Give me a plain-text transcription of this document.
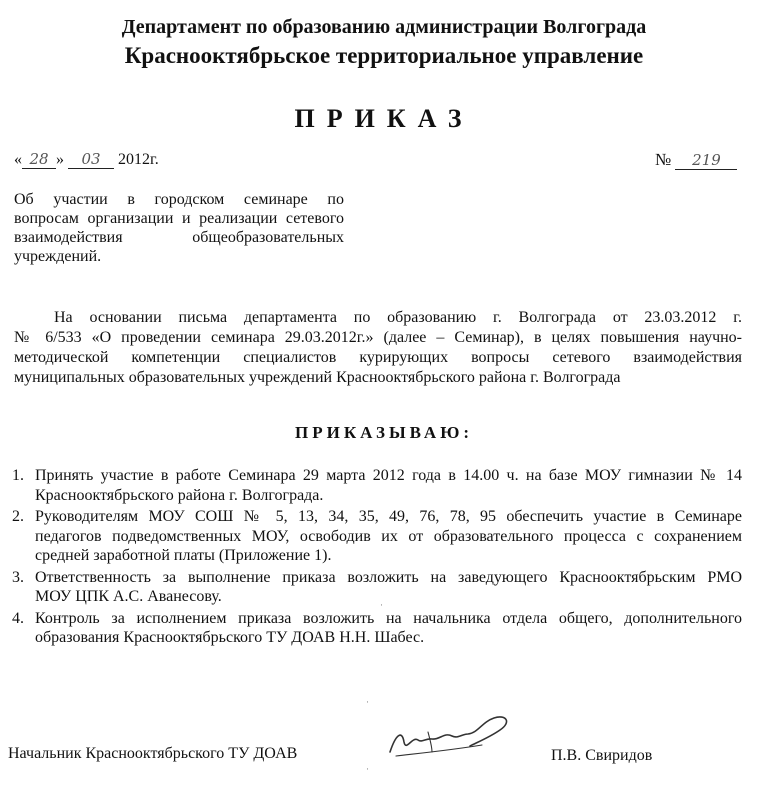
Департамент по образованию администрации Волгограда
Краснооктябрьское территориальное управление
ПРИКАЗ
« 28 » 03 2012г.	№ 219
Об участии в городском семинаре по
вопросам организации и реализации сетевого
взаимодействия общеобразовательных
учреждений.
На основании письма департамента по образованию г. Волгограда от 23.03.2012 г.
№ 6/533 «О проведении семинара 29.03.2012г.» (далее – Семинар), в целях повышения научно-
методической компетенции специалистов курирующих вопросы сетевого взаимодействия
муниципальных образовательных учреждений Краснооктябрьского района г. Волгограда
ПРИКАЗЫВАЮ:
1. Принять участие в работе Семинара 29 марта 2012 года в 14.00 ч. на базе МОУ гимназии № 14
Краснооктябрьского района г. Волгограда.
2. Руководителям МОУ СОШ № 5, 13, 34, 35, 49, 76, 78, 95 обеспечить участие в Семинаре
педагогов подведомственных МОУ, освободив их от образовательного процесса с сохранением
средней заработной платы (Приложение 1).
3. Ответственность за выполнение приказа возложить на заведующего Краснооктябрьским РМО
МОУ ЦПК А.С. Аванесову.
4. Контроль за исполнением приказа возложить на начальника отдела общего, дополнительного
образования Краснооктябрьского ТУ ДОАВ Н.Н. Шабес.
Начальник Краснооктябрьского ТУ ДОАВ	П.В. Свиридов
·
·
·
